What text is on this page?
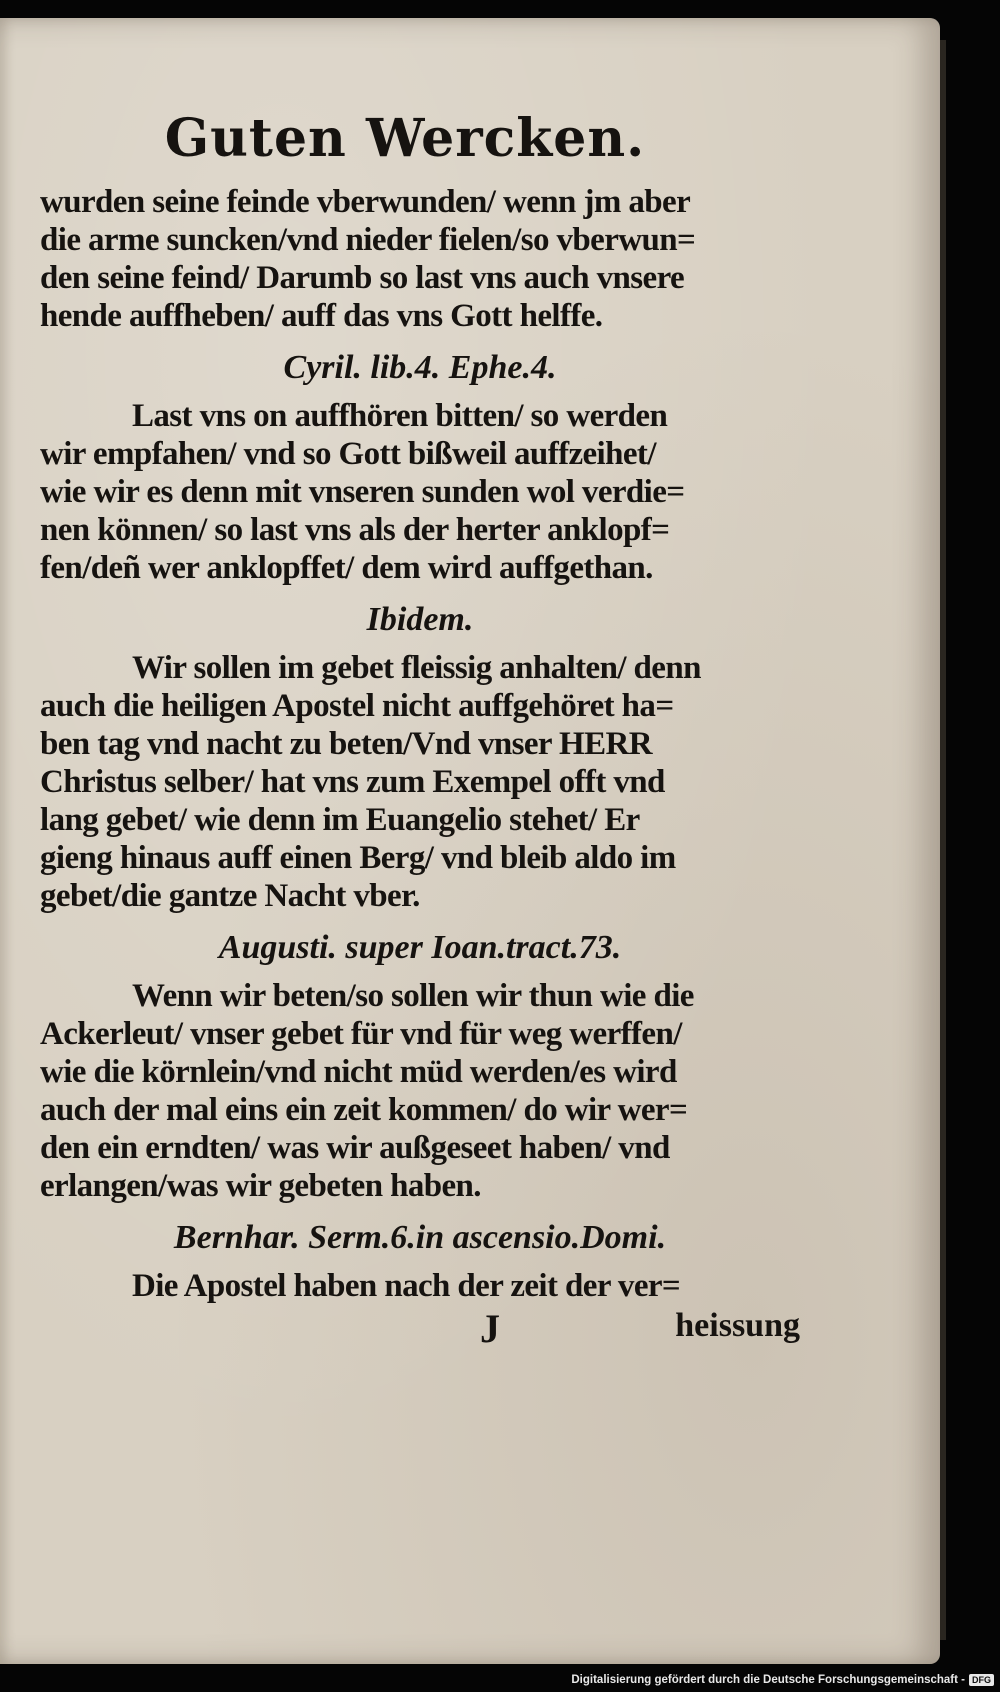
Guten Wercken.
wurden seine feinde vberwunden/ wenn jm aber
die arme suncken/vnd nieder fielen/so vberwun=
den seine feind/ Darumb so last vns auch vnsere
hende auffheben/ auff das vns Gott helffe.
Cyril. lib.4. Ephe.4.
Last vns on auffhören bitten/ so werden
wir empfahen/ vnd so Gott bißweil auffzeihet/
wie wir es denn mit vnseren sunden wol verdie=
nen können/ so last vns als der herter anklopf=
fen/deñ wer anklopffet/ dem wird auffgethan.
Ibidem.
Wir sollen im gebet fleissig anhalten/ denn
auch die heiligen Apostel nicht auffgehöret ha=
ben tag vnd nacht zu beten/Vnd vnser HERR
Christus selber/ hat vns zum Exempel offt vnd
lang gebet/ wie denn im Euangelio stehet/ Er
gieng hinaus auff einen Berg/ vnd bleib aldo im
gebet/die gantze Nacht vber.
Augusti. super Ioan.tract.73.
Wenn wir beten/so sollen wir thun wie die
Ackerleut/ vnser gebet für vnd für weg werffen/
wie die körnlein/vnd nicht müd werden/es wird
auch der mal eins ein zeit kommen/ do wir wer=
den ein erndten/ was wir außgeseet haben/ vnd
erlangen/was wir gebeten haben.
Bernhar. Serm.6.in ascensio.Domi.
Die Apostel haben nach der zeit der ver=
J	heissung
Digitalisierung gefördert durch die Deutsche Forschungsgemeinschaft - DFG
